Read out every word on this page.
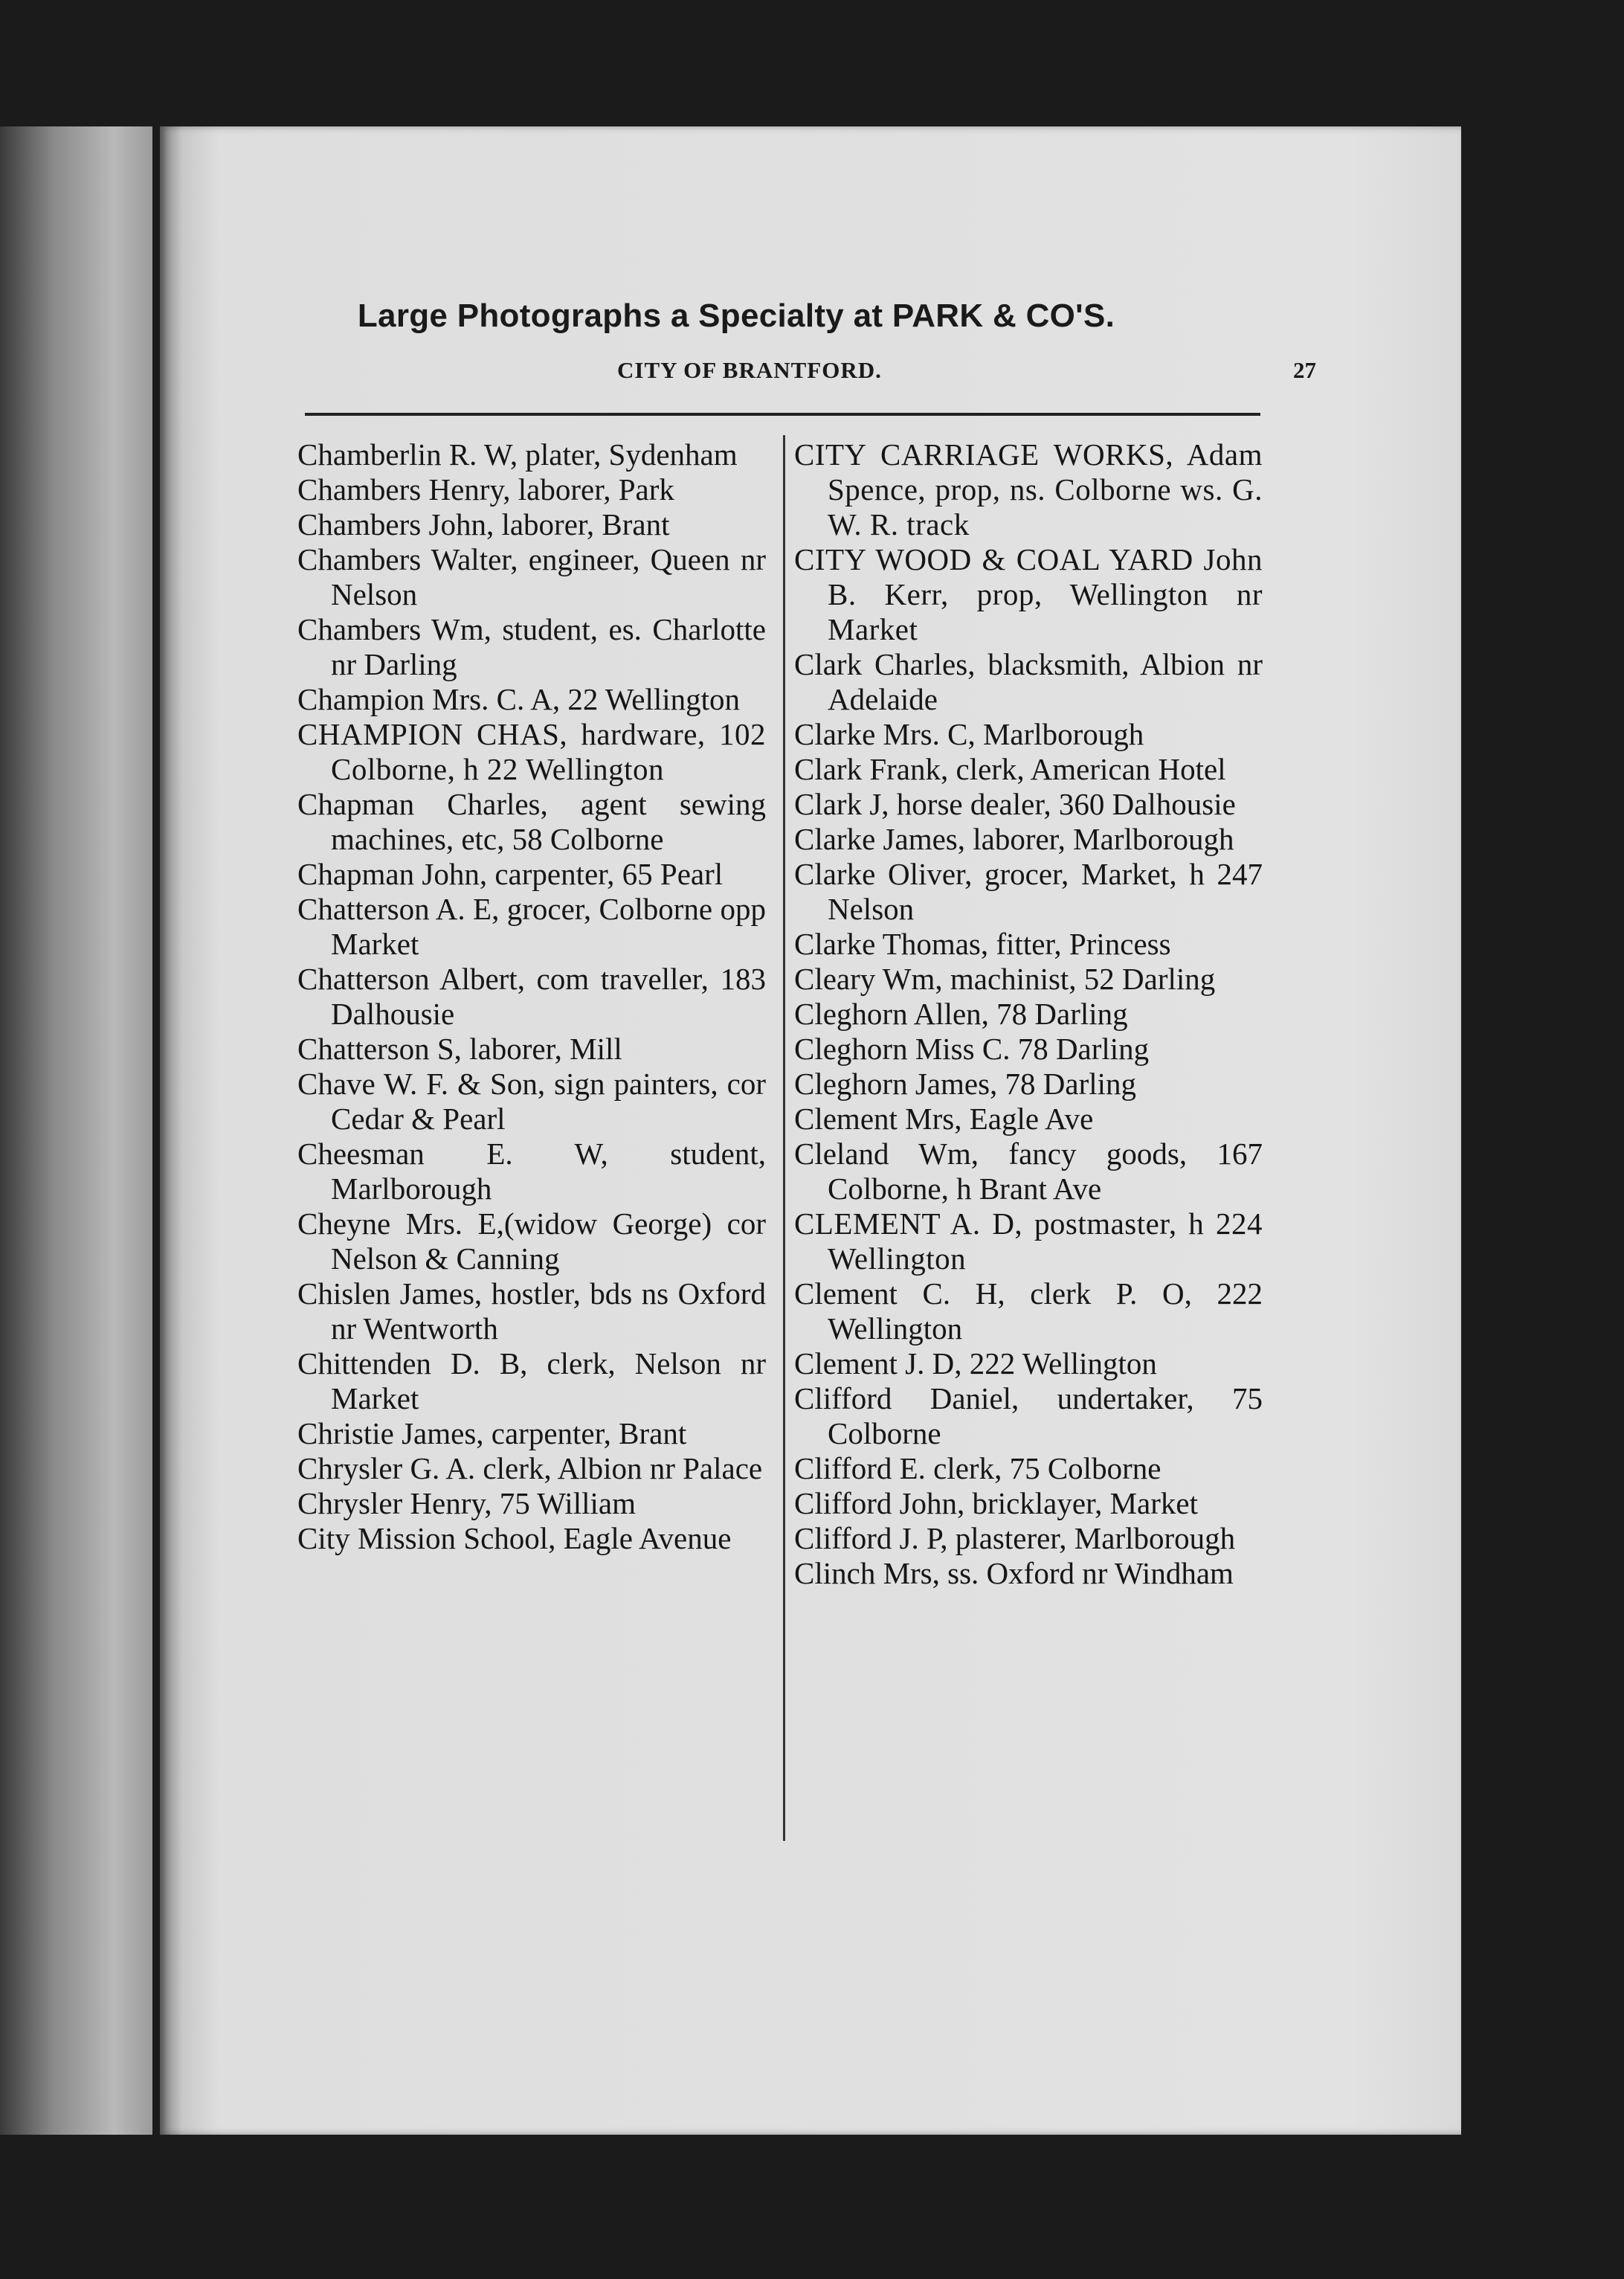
Large Photographs a Specialty at PARK & CO'S.
CITY OF BRANTFORD.	27

Chamberlin R. W, plater, Sydenham

Chambers Henry, laborer, Park

Chambers John, laborer, Brant

Chambers Walter, engineer, Queen nr Nelson

Chambers Wm, student, es. Charlotte nr Darling

Champion Mrs. C. A, 22 Wellington

CHAMPION CHAS, hardware, 102 Colborne, h 22 Wellington

Chapman Charles, agent sewing machines, etc, 58 Colborne

Chapman John, carpenter, 65 Pearl

Chatterson A. E, grocer, Colborne opp Market

Chatterson Albert, com traveller, 183 Dalhousie

Chatterson S, laborer, Mill

Chave W. F. & Son, sign painters, cor Cedar & Pearl

Cheesman E. W, student, Marlborough

Cheyne Mrs. E,(widow George) cor Nelson & Canning

Chislen James, hostler, bds ns Oxford nr Wentworth

Chittenden D. B, clerk, Nelson nr Market

Christie James, carpenter, Brant

Chrysler G. A. clerk, Albion nr Palace

Chrysler Henry, 75 William

City Mission School, Eagle Avenue

CITY CARRIAGE WORKS, Adam Spence, prop, ns. Colborne ws. G. W. R. track

CITY WOOD & COAL YARD John B. Kerr, prop, Wellington nr Market

Clark Charles, blacksmith, Albion nr Adelaide

Clarke Mrs. C, Marlborough

Clark Frank, clerk, American Hotel

Clark J, horse dealer, 360 Dalhousie

Clarke James, laborer, Marlborough

Clarke Oliver, grocer, Market, h 247 Nelson

Clarke Thomas, fitter, Princess

Cleary Wm, machinist, 52 Darling

Cleghorn Allen, 78 Darling

Cleghorn Miss C. 78 Darling

Cleghorn James, 78 Darling

Clement Mrs, Eagle Ave

Cleland Wm, fancy goods, 167 Colborne, h Brant Ave

CLEMENT A. D, postmaster, h 224 Wellington

Clement C. H, clerk P. O, 222 Wellington

Clement J. D, 222 Wellington

Clifford Daniel, undertaker, 75 Colborne

Clifford E. clerk, 75 Colborne

Clifford John, bricklayer, Market

Clifford J. P, plasterer, Marlborough

Clinch Mrs, ss. Oxford nr Windham
